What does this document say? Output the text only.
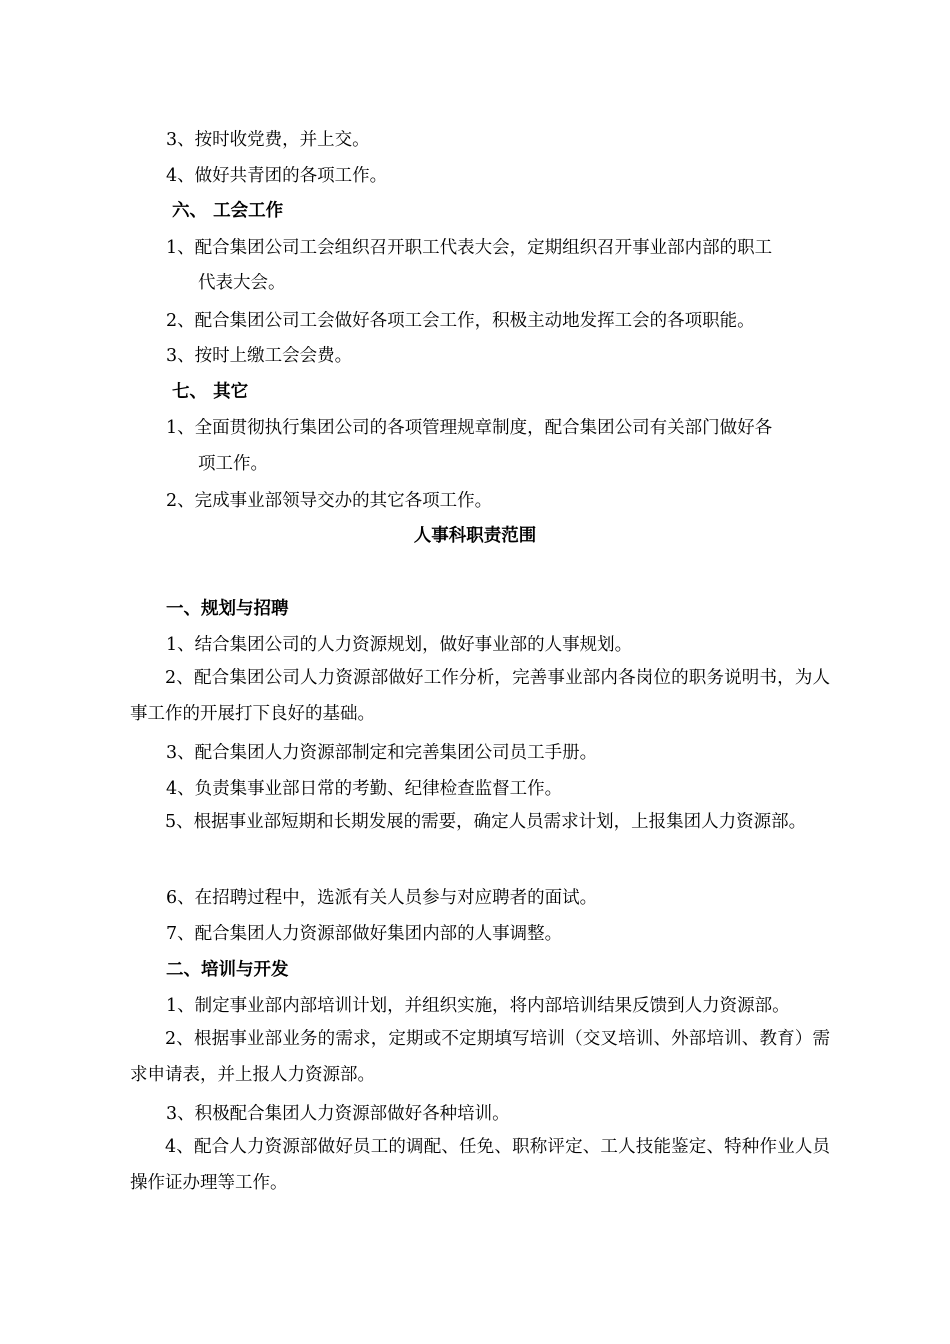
3、按时收党费，并上交。
4、做好共青团的各项工作。
六、 工会工作
1、配合集团公司工会组织召开职工代表大会，定期组织召开事业部内部的职工
代表大会。
2、配合集团公司工会做好各项工会工作，积极主动地发挥工会的各项职能。
3、按时上缴工会会费。
七、 其它
1、全面贯彻执行集团公司的各项管理规章制度，配合集团公司有关部门做好各
项工作。
2、完成事业部领导交办的其它各项工作。
人事科职责范围
一、规划与招聘
1、结合集团公司的人力资源规划，做好事业部的人事规划。
2、配合集团公司人力资源部做好工作分析，完善事业部内各岗位的职务说明书，为人事工作的开展打下良好的基础。
3、配合集团人力资源部制定和完善集团公司员工手册。
4、负责集事业部日常的考勤、纪律检查监督工作。
5、根据事业部短期和长期发展的需要，确定人员需求计划，上报集团人力资源部。
6、在招聘过程中，选派有关人员参与对应聘者的面试。
7、配合集团人力资源部做好集团内部的人事调整。
二、培训与开发
1、制定事业部内部培训计划，并组织实施，将内部培训结果反馈到人力资源部。
2、根据事业部业务的需求，定期或不定期填写培训（交叉培训、外部培训、教育）需求申请表，并上报人力资源部。
3、积极配合集团人力资源部做好各种培训。
4、配合人力资源部做好员工的调配、任免、职称评定、工人技能鉴定、特种作业人员操作证办理等工作。
